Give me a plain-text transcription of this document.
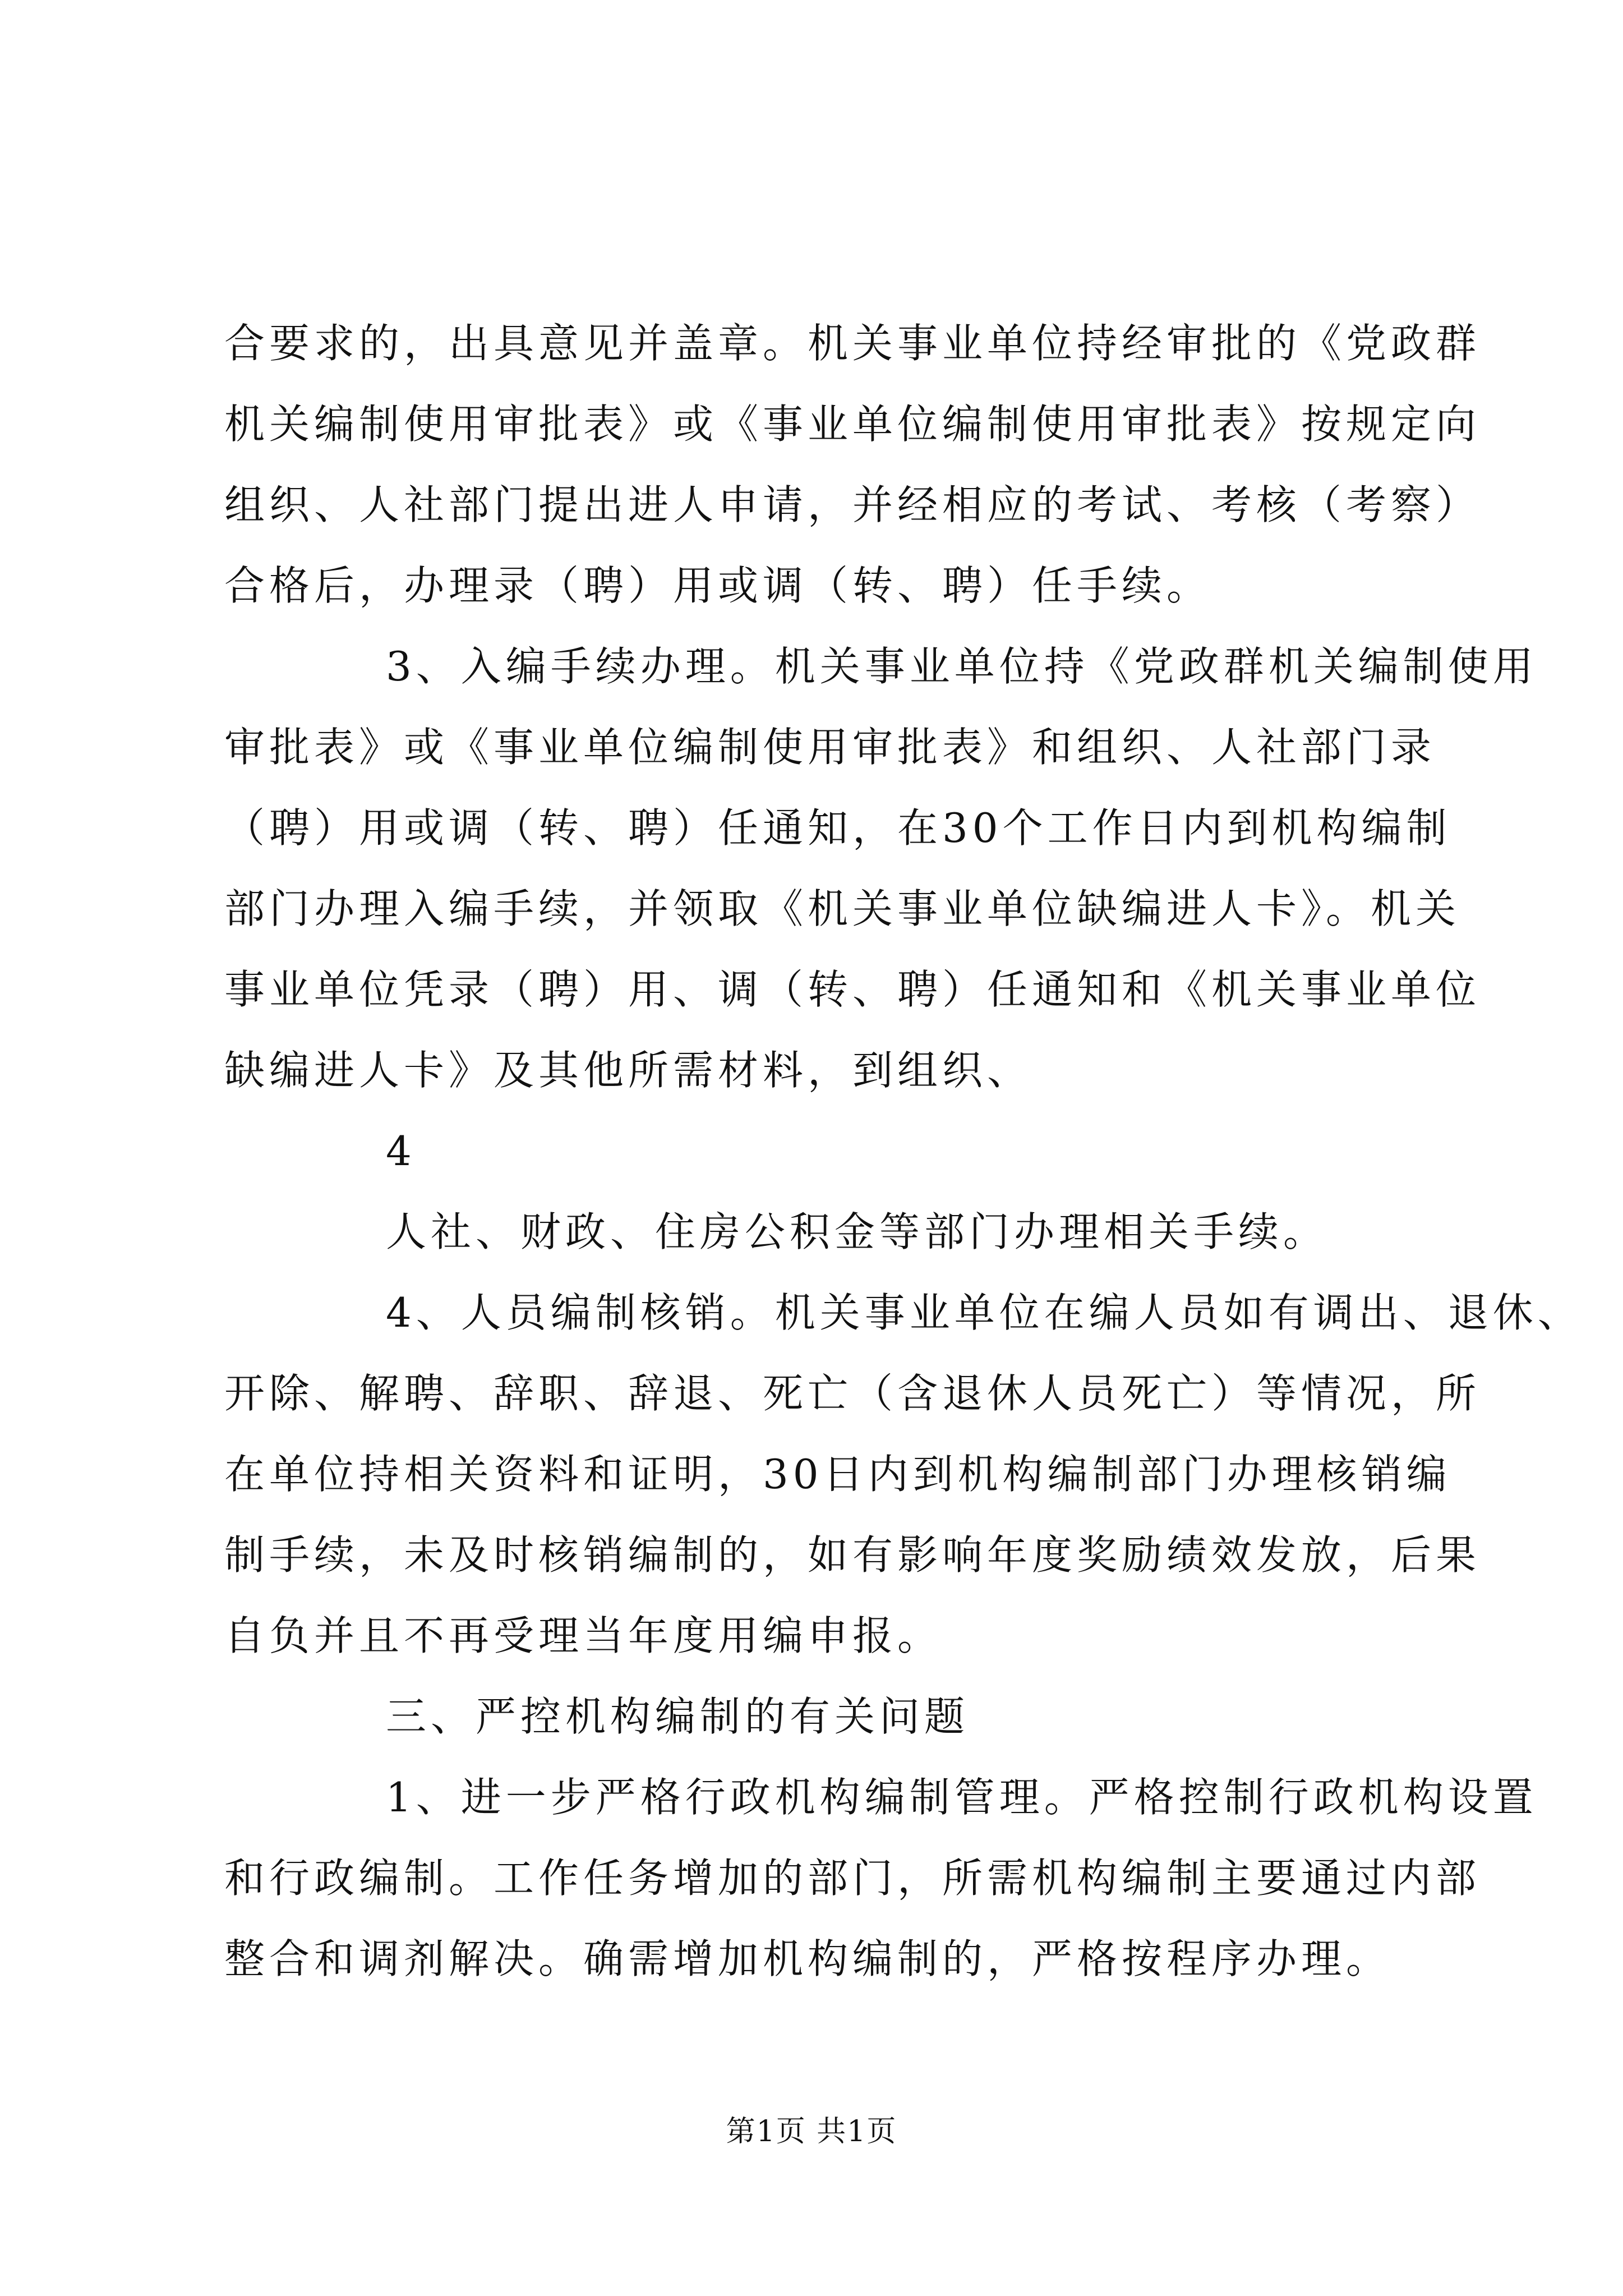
合要求的，出具意见并盖章。机关事业单位持经审批的《党政群
机关编制使用审批表》或《事业单位编制使用审批表》按规定向
组织、人社部门提出进人申请，并经相应的考试、考核（考察）
合格后，办理录（聘）用或调（转、聘）任手续。
3、入编手续办理。机关事业单位持《党政群机关编制使用
审批表》或《事业单位编制使用审批表》和组织、人社部门录
（聘）用或调（转、聘）任通知，在30个工作日内到机构编制
部门办理入编手续，并领取《机关事业单位缺编进人卡》。机关
事业单位凭录（聘）用、调（转、聘）任通知和《机关事业单位
缺编进人卡》及其他所需材料，到组织、
4
人社、财政、住房公积金等部门办理相关手续。
4、人员编制核销。机关事业单位在编人员如有调出、退休、
开除、解聘、辞职、辞退、死亡（含退休人员死亡）等情况，所
在单位持相关资料和证明，30日内到机构编制部门办理核销编
制手续，未及时核销编制的，如有影响年度奖励绩效发放，后果
自负并且不再受理当年度用编申报。
三、严控机构编制的有关问题
1、进一步严格行政机构编制管理。严格控制行政机构设置
和行政编制。工作任务增加的部门，所需机构编制主要通过内部
整合和调剂解决。确需增加机构编制的，严格按程序办理。
第1页 共1页
